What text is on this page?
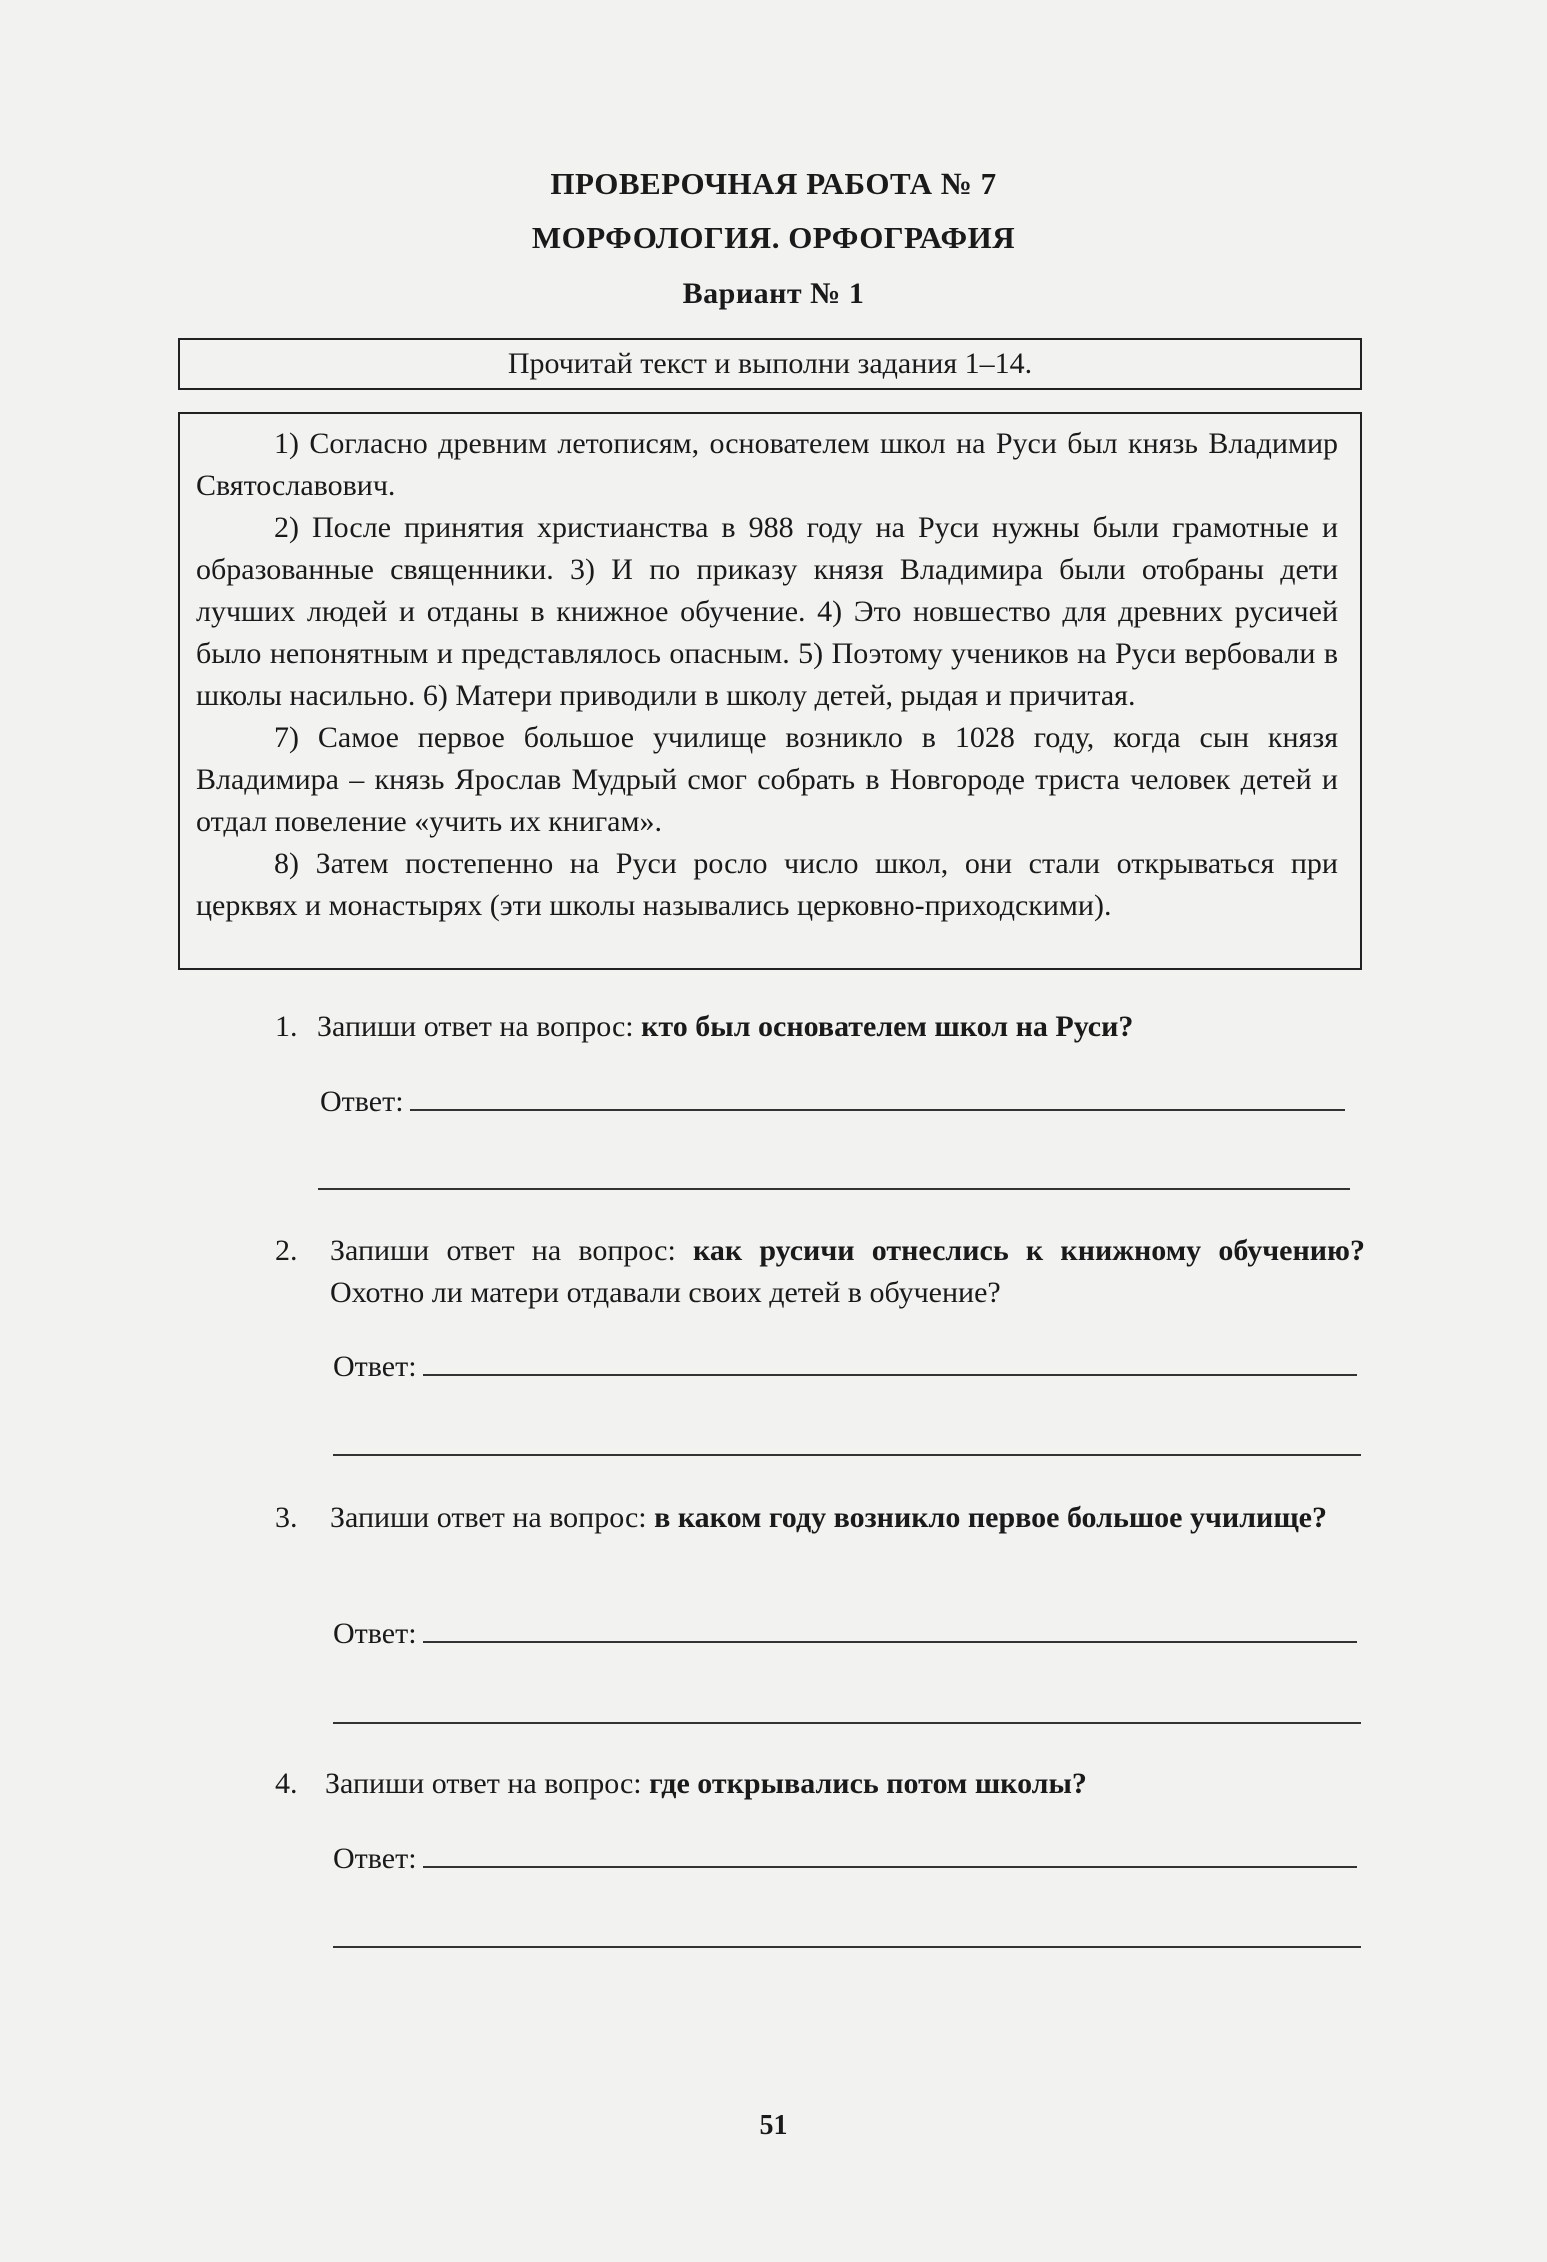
ПРОВЕРОЧНАЯ РАБОТА № 7
МОРФОЛОГИЯ. ОРФОГРАФИЯ
Вариант № 1
Прочитай текст и выполни задания 1–14.

1) Согласно древним летописям, основателем школ на Руси был князь Владимир Святославович.

2) После принятия христианства в 988 году на Руси нужны были грамотные и образованные священники. 3) И по приказу князя Владимира были отобраны дети лучших людей и отданы в книжное обучение. 4) Это новшество для древних русичей было непонятным и представлялось опасным. 5) Поэтому учеников на Руси вербовали в школы насильно. 6) Матери приводили в школу детей, рыдая и причитая.

7) Самое первое большое училище возникло в 1028 году, когда сын князя Владимира – князь Ярослав Мудрый смог собрать в Новгороде триста человек детей и отдал повеление «учить их книгам».

8) Затем постепенно на Руси росло число школ, они стали открываться при церквях и монастырях (эти школы назывались церковно-приходскими).

1. Запиши ответ на вопрос: кто был основателем школ на Руси?
Ответ:
2.	Запиши ответ на вопрос: как русичи отнеслись к книжному обучению? Охотно ли матери отдавали своих детей в обучение?
Ответ:
3.	Запиши ответ на вопрос: в каком году возникло первое большое училище?
Ответ:
4. Запиши ответ на вопрос: где открывались потом школы?
Ответ:
51
